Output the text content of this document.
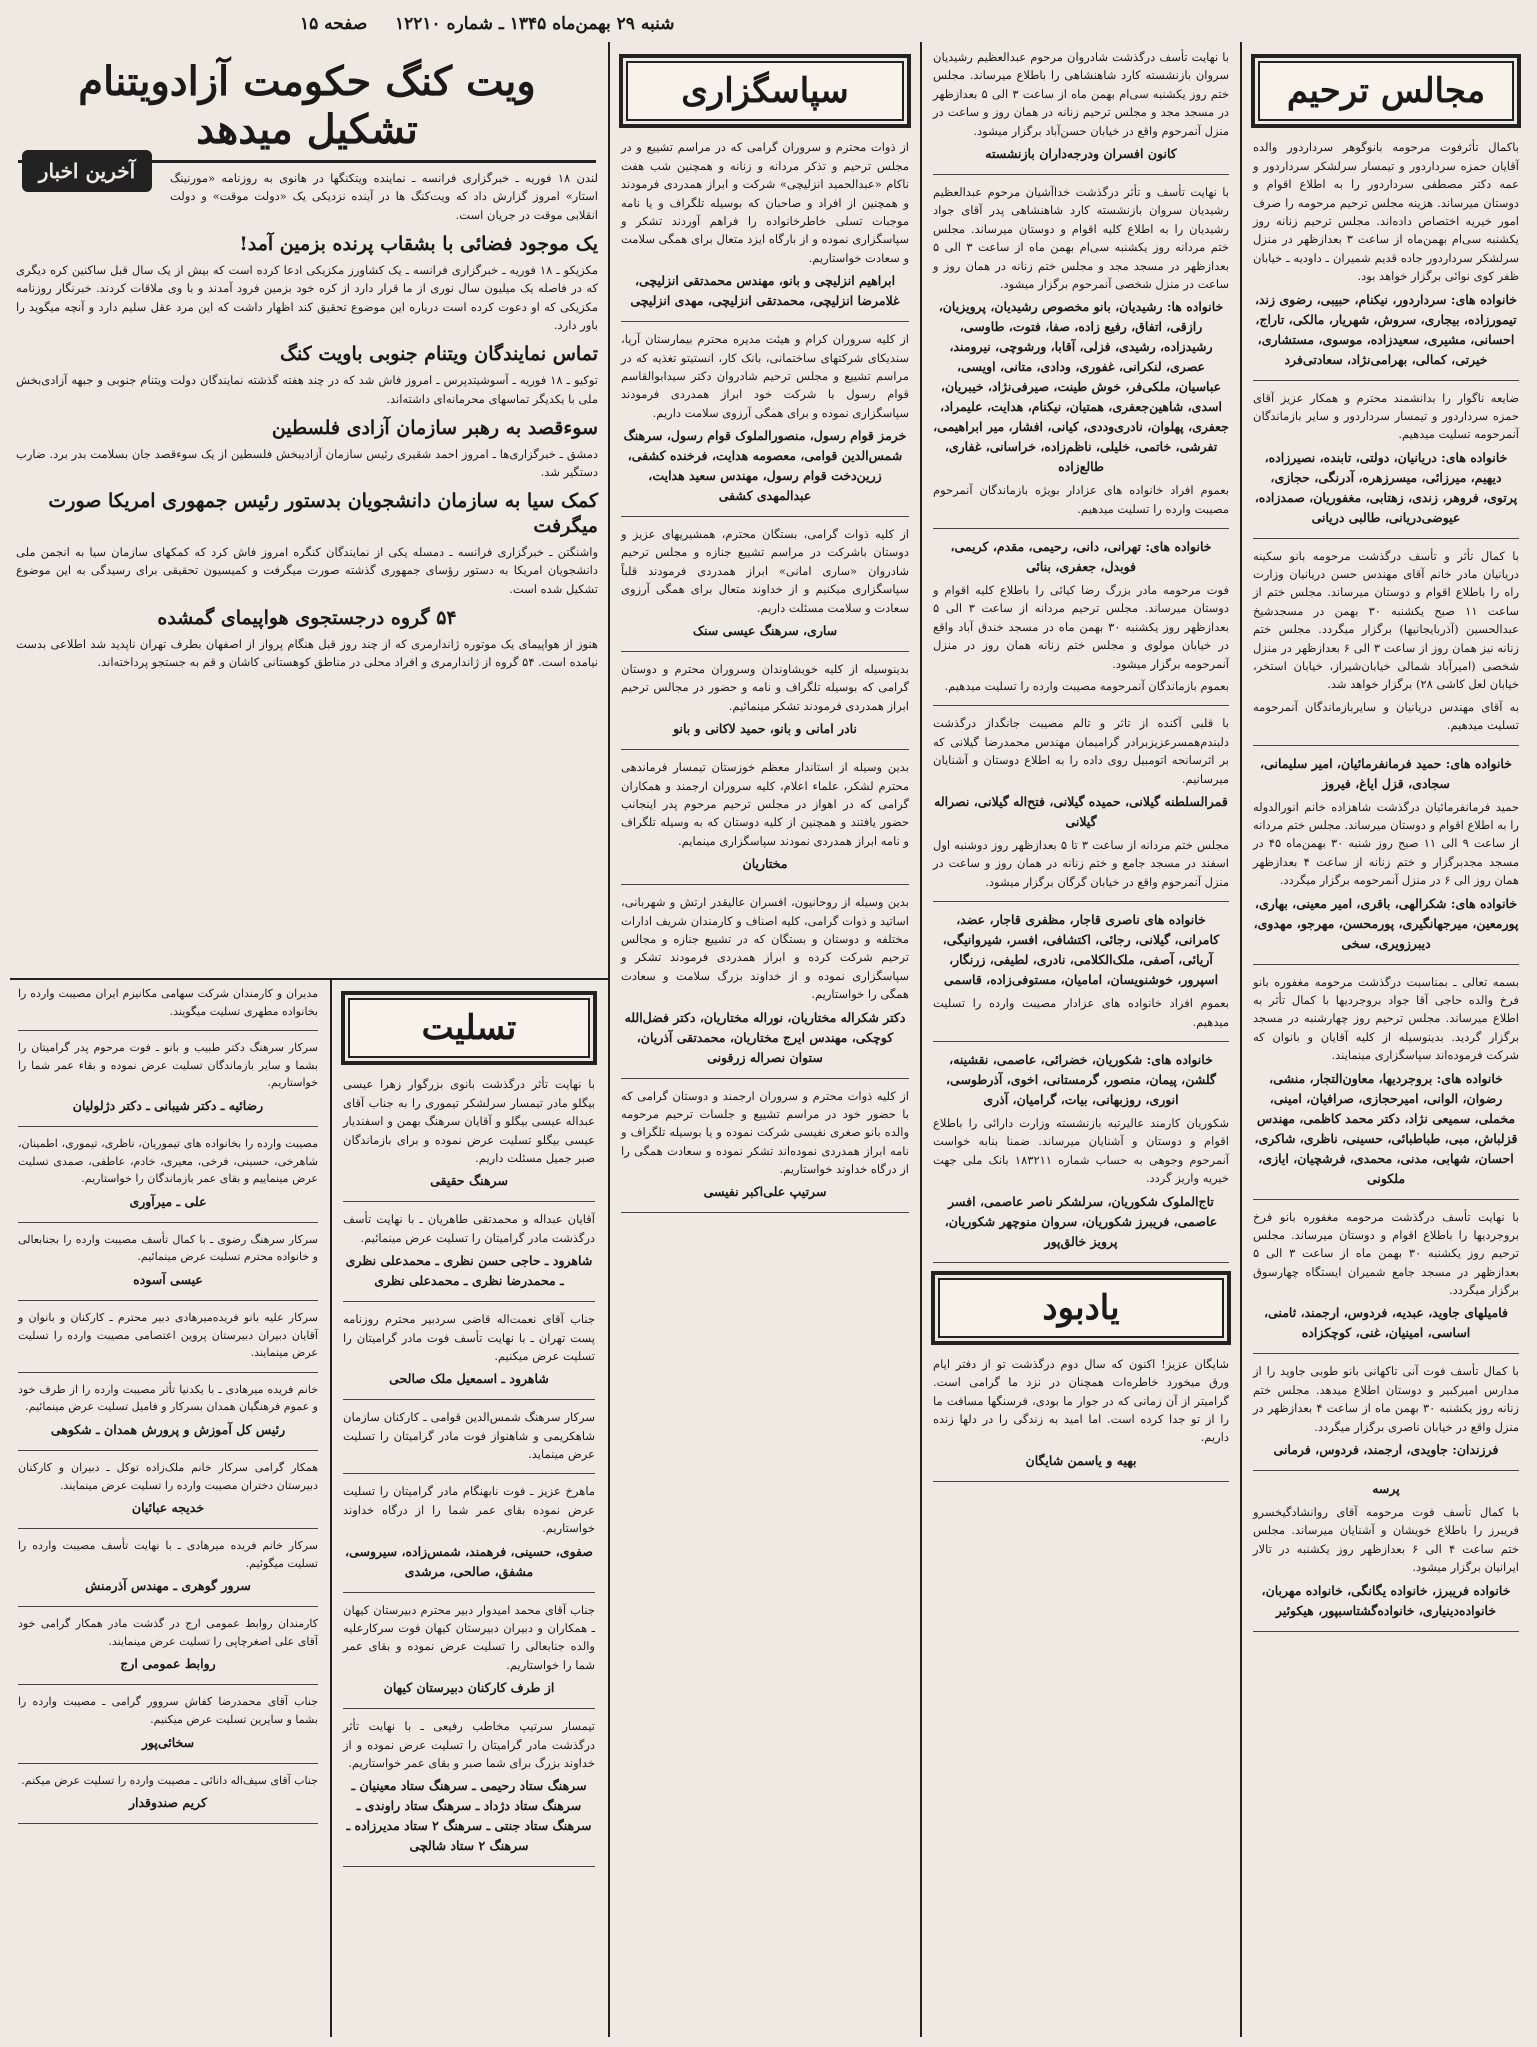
صفحه ۱۵ شنبه ۲۹ بهمن‌ماه ۱۳۴۵ ـ شماره ۱۲۲۱۰
مجالس ترحیم

باکمال تأثرفوت مرحومه بانوگوهر سرداردور والده آقایان حمزه سرداردور و تیمسار سرلشکر سرداردور و عمه دکتر مصطفی سرداردور را به اطلاع اقوام و دوستان میرساند. هزینه مجلس ترحیم مرحومه را صرف امور خیریه اختصاص داده‌اند. مجلس ترحیم زنانه روز یکشنبه سی‌ام بهمن‌ماه از ساعت ۳ بعدازظهر در منزل سرلشکر سرداردور جاده قدیم شمیران ـ داودیه ـ خیابان ظفر کوی نوائی برگزار خواهد بود.

خانواده های: سرداردور، نیکنام، حبیبی، رضوی زند، تیمورزاده، بیجاری، سروش، شهریار، مالکی، تاراج، احسانی، مشیری، سعیدزاده، موسوی، مستشاری، خیرتی، کمالی، بهرامی‌نژاد، سعادتی‌فرد

ضایعه ناگوار را بدانشمند محترم و همکار عزیز آقای حمزه سرداردور و تیمسار سرداردور و سایر بازماندگان آنمرحومه تسلیت میدهیم.

خانواده های: دریانیان، دولتی، تابنده، نصیرزاده، دیهیم، میرزائی، میسرزهره، آدرنگی، حجازی، پرتوی، فروهر، زندی، زهتابی، مغفوریان، صمدزاده، عیوضی‌دریانی، طالبی دریانی

با کمال تأثر و تأسف درگذشت مرحومه بانو سکینه دریانیان مادر خانم آقای مهندس حسن دریانیان وزارت راه را باطلاع اقوام و دوستان میرساند. مجلس ختم از ساعت ۱۱ صبح یکشنبه ۳۰ بهمن در مسجدشیخ عبدالحسین (آذربایجانیها) برگزار میگردد. مجلس ختم زنانه نیز همان روز از ساعت ۳ الی ۶ بعدازظهر در منزل شخصی (امیرآباد شمالی خیابان‌شیراز، خیابان استخر، خیابان لعل کاشی ۲۸) برگزار خواهد شد.

به آقای مهندس دریانیان و سایربازماندگان آنمرحومه تسلیت میدهیم.

خانواده های: حمید فرمانفرمائیان، امیر سلیمانی، سجادی، قزل ایاغ، فیروز

حمید فرمانفرمائیان درگذشت شاهزاده خانم انورالدوله را به اطلاع اقوام و دوستان میرساند. مجلس ختم مردانه از ساعت ۹ الی ۱۱ صبح روز شنبه ۳۰ بهمن‌ماه ۴۵ در مسجد مجدبرگزار و ختم زنانه از ساعت ۴ بعدازظهر همان روز الی ۶ در منزل آنمرحومه برگزار میگردد.

خانواده های: شکرالهی، باقری، امیر معینی، بهاری، پورمعین، میرجهانگیری، پورمحسن، مهرجو، مهدوی، دیبرزویری، سخی

بسمه تعالی ـ بمناسبت درگذشت مرحومه مغفوره بانو فرخ والده حاجی آقا جواد بروجردیها با کمال تأثر به اطلاع میرساند. مجلس ترحیم روز چهارشنبه در مسجد برگزار گردید. بدینوسیله از کلیه آقایان و بانوان که شرکت فرموده‌اند سپاسگزاری مینمایند.

خانواده های: بروجردیها، معاون‌التجار، منشی، رضوان، الوانی، امیرحجازی، صرافیان، امینی، مخملی، سمیعی نژاد، دکتر محمد کاظمی، مهندس قزلباش، مبی، طباطبائی، حسینی، ناظری، شاکری، احسان، شهابی، مدنی، محمدی، فرشچیان، ایازی، ملکونی

با نهایت تأسف درگذشت مرحومه مغفوره بانو فرخ بروجردیها را باطلاع اقوام و دوستان میرساند. مجلس ترحیم روز یکشنبه ۳۰ بهمن ماه از ساعت ۳ الی ۵ بعدازظهر در مسجد جامع شمیران ایستگاه چهارسوق برگزار میگردد.

فامیلهای جاوید، عبدیه، فردوس، ارجمند، ثامنی، اساسی، امینیان، غنی، کوچکزاده

با کمال تأسف فوت آنی تاکهانی بانو طوبی جاوید را از مدارس امیرکبیر و دوستان اطلاع میدهد. مجلس ختم زنانه روز یکشنبه ۳۰ بهمن ماه از ساعت ۴ بعدازظهر در منزل واقع در خیابان ناصری برگزار میگردد.

فرزندان: جاویدی، ارجمند، فردوس، فرمانی

پرسه

با کمال تأسف فوت مرحومه آقای روانشادگیخسرو فریبرز را باطلاع خویشان و آشنایان میرساند. مجلس ختم ساعت ۴ الی ۶ بعدازظهر روز یکشنبه در تالار ایرانیان برگزار میشود.

خانواده فریبرز، خانواده یگانگی، خانواده مهربان، خانواده‌دینیاری، خانواده‌گشتاسبپور، هیکوئیر

با نهایت تأسف درگذشت شادروان مرحوم عبدالعظیم رشیدیان سروان بازنشسته کارد شاهنشاهی را باطلاع میرساند. مجلس ختم روز یکشنبه سی‌ام بهمن ماه از ساعت ۳ الی ۵ بعدازظهر در مسجد مجد و مجلس ترحیم زنانه در همان روز و ساعت در منزل آنمرحوم واقع در خیابان حسن‌آباد برگزار میشود.

کانون افسران ودرجه‌داران بازنشسته

با نهایت تأسف و تأثر درگذشت خدا‌آشیان مرحوم عبدالعظیم رشیدیان سروان بازنشسته کارد شاهنشاهی پدر آقای جواد رشیدیان را به اطلاع کلیه اقوام و دوستان میرساند. مجلس ختم مردانه روز یکشنبه سی‌ام بهمن ماه از ساعت ۳ الی ۵ بعدازظهر در مسجد مجد و مجلس ختم زنانه در همان روز و ساعت در منزل شخصی آنمرحوم برگزار میشود.

خانواده ها: رشیدیان، بانو مخصوص رشیدیان، پرویزیان، رازقی، اتفاق، رفیع زاده، صفا، فتوت، طاوسی، رشیدزاده، رشیدی، فزلی، آقابا، ورشوچی، نیرومند، عصری، لنکرانی، غفوری، ودادی، متانی، اویسی، عباسیان، ملکی‌فر، خوش طینت، صیرفی‌نژاد، خیبریان، اسدی، شاهین‌جعفری، همتیان، نیکنام، هدایت، علیمراد، جعفری، پهلوان، نادری‌وددی، کیانی، افشار، میر ابراهیمی، تفرشی، خاتمی، خلیلی، ناظم‌زاده، خراسانی، غفاری، طالع‌زاده

بعموم افراد خانواده های عزادار بویژه بازماندگان آنمرحوم مصیبت وارده را تسلیت میدهیم.

خانواده های: تهرانی، دانی، رحیمی، مقدم، کریمی، فوبدل، جعفری، بنائی

فوت مرحومه مادر بزرگ رضا کیائی را باطلاع کلیه اقوام و دوستان میرساند. مجلس ترحیم مردانه از ساعت ۳ الی ۵ بعدازظهر روز یکشنبه ۳۰ بهمن ماه در مسجد خندق آباد واقع در خیابان مولوی و مجلس ختم زنانه همان روز در منزل آنمرحومه برگزار میشود.

بعموم بازماندگان آنمرحومه مصیبت وارده را تسلیت میدهیم.

با قلبی آکنده از تاثر و تالم مصیبت جانگداز درگذشت دلبندم‌همسرعزیزبرادر گرامیمان مهندس محمدرضا گیلانی که بر اثرسانحه اتومبیل روی داده را به اطلاع دوستان و آشنایان میرسانیم.

قمرالسلطنه گیلانی، حمیده گیلانی، فتح‌اله گیلانی، نصراله گیلانی

مجلس ختم مردانه از ساعت ۳ تا ۵ بعدازظهر روز دوشنبه اول اسفند در مسجد جامع و ختم زنانه در همان روز و ساعت در منزل آنمرحوم واقع در خیابان گرگان برگزار میشود.

خانواده های ناصری قاجار، مظفری قاجار، عضد، کامرانی، گیلانی، رجائی، اکتشافی، افسر، شیروانیگی، آریائی، آصفی، ملک‌الکلامی، نادری، لطیفی، زرنگار، اسپرور، خوشنویسان، امامیان، مستوفی‌زاده، قاسمی

بعموم افراد خانواده های عزادار مصیبت وارده را تسلیت میدهیم.

خانواده های: شکوریان، خضرائی، عاصمی، نقشینه، گلشن، پیمان، منصور، گرمستانی، اخوی، آذرطوسی، انوری، روزبهانی، بیات، گرامیان، آذری

شکوریان کارمند عالیرتبه بازنشسته وزارت دارائی را باطلاع اقوام و دوستان و آشنایان میرساند. ضمنا بنابه خواست آنمرحوم وجوهی به حساب شماره ۱۸۳۲۱۱ بانک ملی جهت خیریه واریز گردد.

تاج‌الملوک شکوریان، سرلشکر ناصر عاصمی، افسر عاصمی، فریبرز شکوریان، سروان منوچهر شکوریان، پرویز خالق‌پور

یادبود

شایگان عزیز! اکنون که سال دوم درگذشت تو از دفتر ایام ورق میخورد خاطره‌ات همچنان در نزد ما گرامی است. گرامیتر از آن زمانی که در جوار ما بودی، فرسنگها مسافت ما را از تو جدا کرده است. اما امید به زندگی را در دلها زنده داریم.

بهیه و یاسمن شایگان

سپاسگزاری

از ذوات محترم و سروران گرامی که در مراسم تشییع و در مجلس ترحیم و تذکر مردانه و زنانه و همچنین شب هفت ناکام «عبدالحمید انزلیچی» شرکت و ابراز همدردی فرمودند و همچنین از افراد و صاحبان که بوسیله تلگراف و یا نامه موجبات تسلی خاطرخانواده را فراهم آوردند تشکر و سپاسگزاری نموده و از بارگاه ایزد متعال برای همگی سلامت و سعادت خواستاریم.

ابراهیم انزلیچی و بانو، مهندس محمدتقی انزلیچی، غلامرضا انزلیچی، محمدتقی انزلیچی، مهدی انزلیچی

از کلیه سروران کرام و هیئت مدیره محترم بیمارستان آریا، سندیکای شرکتهای ساختمانی، بانک کار، انستیتو تغذیه که در مراسم تشییع و مجلس ترحیم شادروان دکتر سیدابوالقاسم قوام رسول با شرکت خود ابراز همدردی فرمودند سپاسگزاری نموده و برای همگی آرزوی سلامت داریم.

خرمز قوام رسول، منصورالملوک قوام رسول، سرهنگ شمس‌الدین قوامی، معصومه هدایت، فرخنده کشفی، زرین‌دخت قوام رسول، مهندس سعید هدایت، عبدالمهدی کشفی

از کلیه ذوات گرامی، بستگان محترم، همشیریهای عزیز و دوستان باشرکت در مراسم تشییع جنازه و مجلس ترحیم شادروان «ساری امانی» ابراز همدردی فرمودند قلباً سپاسگزاری میکنیم و از خداوند متعال برای همگی آرزوی سعادت و سلامت مسئلت داریم.

ساری، سرهنگ عیسی سنک

بدینوسیله از کلیه خویشاوندان وسروران محترم و دوستان گرامی که بوسیله تلگراف و نامه و حضور در مجالس ترحیم ابراز همدردی فرمودند تشکر مینمائیم.

نادر امانی و بانو، حمید لاکانی و بانو

بدین وسیله از استاندار معظم خوزستان تیمسار فرماندهی محترم لشکر، علماء اعلام، کلیه سروران ارجمند و همکاران گرامی که در اهواز در مجلس ترحیم مرحوم پدر اینجانب حضور یافتند و همچنین از کلیه دوستان که به وسیله تلگراف و نامه ابراز همدردی نمودند سپاسگزاری مینمایم.

مختاریان

بدین وسیله از روحانیون، افسران عالیقدر ارتش و شهربانی، اساتید و ذوات گرامی، کلیه اصناف و کارمندان شریف ادارات مختلفه و دوستان و بستگان که در تشییع جنازه و مجالس ترحیم شرکت کرده و ابراز همدردی فرمودند تشکر و سپاسگزاری نموده و از خداوند بزرگ سلامت و سعادت همگی را خواستاریم.

دکتر شکراله مختاریان، نوراله مختاریان، دکتر فضل‌الله کوچکی، مهندس ایرج مختاریان، محمدتقی آذریان، ستوان نصراله زرقونی

از کلیه ذوات محترم و سروران ارجمند و دوستان گرامی که با حضور خود در مراسم تشییع و جلسات ترحیم مرحومه والده بانو صغری نفیسی شرکت نموده و یا بوسیله تلگراف و نامه ابراز همدردی نموده‌اند تشکر نموده و سعادت همگی را از درگاه خداوند خواستاریم.

سرتیپ علی‌اکبر نفیسی

ویت کنگ حکومت آزادویتنام تشکیل میدهد

لندن ۱۸ فوریه ـ خبرگزاری فرانسه ـ نماینده ویتکنگها در هانوی به روزنامه «مورنینگ استار» امروز گزارش داد که ویت‌کنگ ها در آینده نزدیکی یک «دولت موقت» و دولت انقلابی موقت در جریان است.

یک موجود فضائی با بشقاب پرنده بزمین آمد!

مکزیکو ـ ۱۸ فوریه ـ خبرگزاری فرانسه ـ یک کشاورز مکزیکی ادعا کرده است که بیش از یک سال قبل ساکنین کره دیگری که در فاصله یک میلیون سال نوری از ما قرار دارد از کره خود بزمین فرود آمدند و با وی ملاقات کردند. خبرنگار روزنامه مکزیکی که او دعوت کرده است درباره این موضوع تحقیق کند اظهار داشت که این مرد عقل سلیم دارد و آنچه میگوید را باور دارد.

تماس نمایندگان ویتنام جنوبی باویت کنگ

توکیو ـ ۱۸ فوریه ـ آسوشیتدپرس ـ امروز فاش شد که در چند هفته گذشته نمایندگان دولت ویتنام جنوبی و جبهه آزادی‌بخش ملی با یکدیگر تماسهای محرمانه‌ای داشته‌اند.

سوءقصد به رهبر سازمان آزادی فلسطین

دمشق ـ خبرگزاری‌ها ـ امروز احمد شقیری رئیس سازمان آزادیبخش فلسطین از یک سوءقصد جان بسلامت بدر برد. ضارب دستگیر شد.

کمک سیا به سازمان دانشجویان بدستور رئیس جمهوری امریکا صورت میگرفت

واشنگتن ـ خبرگزاری فرانسه ـ دمسله یکی از نمایندگان کنگره امروز فاش کرد که کمکهای سازمان سیا به انجمن ملی دانشجویان امریکا به دستور رؤسای جمهوری گذشته صورت میگرفت و کمیسیون تحقیقی برای رسیدگی به این موضوع تشکیل شده است.

۵۴ گروه درجستجوی هواپیمای گمشده

هنوز از هواپیمای یک موتوره ژاندارمری که از چند روز قبل هنگام پرواز از اصفهان بطرف تهران ناپدید شد اطلاعی بدست نیامده است. ۵۴ گروه از ژاندارمری و افراد محلی در مناطق کوهستانی کاشان و قم به جستجو پرداخته‌اند.

آخرین اخبار
تسلیت

با نهایت تأثر درگذشت بانوی بزرگوار زهرا عیسی بیگلو مادر تیمسار سرلشکر تیموری را به جناب آقای عبداله عیسی بیگلو و آقایان سرهنگ بهمن و اسفندیار عیسی بیگلو تسلیت عرض نموده و برای بازماندگان صبر جمیل مسئلت داریم.

سرهنگ حقیقی

آقایان عبداله و محمدتقی طاهریان ـ با نهایت تأسف درگذشت مادر گرامیتان را تسلیت عرض مینمائیم.

شاهرود ـ حاجی حسن نظری ـ محمدعلی نظری ـ محمدرضا نظری ـ محمدعلی نظری

جناب آقای نعمت‌اله قاضی سردبیر محترم روزنامه پست تهران ـ با نهایت تأسف فوت مادر گرامیتان را تسلیت عرض میکنیم.

شاهرود ـ اسمعیل ملک صالحی

سرکار سرهنگ شمس‌الدین قوامی ـ کارکنان سازمان شاهکریمی و شاهنواز فوت مادر گرامیتان را تسلیت عرض مینماید.

ماهرخ عزیز ـ فوت نابهنگام مادر گرامیتان را تسلیت عرض نموده بقای عمر شما را از درگاه خداوند خواستاریم.

صفوی، حسینی، فرهمند، شمس‌زاده، سیروسی، مشفق، صالحی، مرشدی

جناب آقای محمد امیدوار دبیر محترم دبیرستان کیهان ـ همکاران و دبیران دبیرستان کیهان فوت سرکارعلیه والده جنابعالی را تسلیت عرض نموده و بقای عمر شما را خواستاریم.

از طرف کارکنان دبیرستان کیهان

تیمسار سرتیپ مخاطب رفیعی ـ با نهایت تأثر درگذشت مادر گرامیتان را تسلیت عرض نموده و از خداوند بزرگ برای شما صبر و بقای عمر خواستاریم.

سرهنگ ستاد رحیمی ـ سرهنگ ستاد معینیان ـ سرهنگ ستاد دژداد ـ سرهنگ ستاد راوندی ـ سرهنگ ستاد جنتی ـ سرهنگ ۲ ستاد مدیرزاده ـ سرهنگ ۲ ستاد شالچی

مدیران و کارمندان شرکت سهامی مکانیزم ایران مصیبت وارده را بخانواده مطهری تسلیت میگویند.

سرکار سرهنگ دکتر طبیب و بانو ـ فوت مرحوم پدر گرامیتان را بشما و سایر بازماندگان تسلیت عرض نموده و بقاء عمر شما را خواستاریم.

رضائیه ـ دکتر شیبانی ـ دکتر دژلولیان

مصیبت وارده را بخانواده های تیموریان، ناظری، تیموری، اطمینان، شاهرخی، حسینی، فرخی، معیری، خادم، عاطفی، صمدی تسلیت عرض مینماییم و بقای عمر بازماندگان را خواستاریم.

علی ـ میرآوری

سرکار سرهنگ رضوی ـ با کمال تأسف مصیبت وارده را بجنابعالی و خانواده محترم تسلیت عرض مینمائیم.

عیسی آسوده

سرکار علیه بانو فریده‌میرهادی دبیر محترم ـ کارکنان و بانوان و آقایان دبیران دبیرستان پروین اعتصامی مصیبت وارده را تسلیت عرض مینمایند.

خانم فریده میرهادی ـ با یکدنیا تأثر مصیبت وارده را از طرف خود و عموم فرهنگیان همدان بسرکار و فامیل تسلیت عرض مینمائیم.

رئیس کل آموزش و پرورش همدان ـ شکوهی

همکار گرامی سرکار خانم ملک‌زاده توکل ـ دبیران و کارکنان دبیرستان دختران مصیبت وارده را تسلیت عرض مینمایند.

خدیجه عبائیان

سرکار خانم فریده میرهادی ـ با نهایت تأسف مصیبت وارده را تسلیت میگوئیم.

سرور گوهری ـ مهندس آذرمنش

کارمندان روابط عمومی ارج در گذشت مادر همکار گرامی خود آقای علی اصغرچاپی را تسلیت عرض مینمایند.

روابط عمومی ارج

جناب آقای محمدرضا کفاش سروور گرامی ـ مصیبت وارده را بشما و سایرین تسلیت عرض میکنیم.

سخائی‌پور

جناب آقای سیف‌اله دانائی ـ مصیبت وارده را تسلیت عرض میکنم.

کریم صندوقدار
